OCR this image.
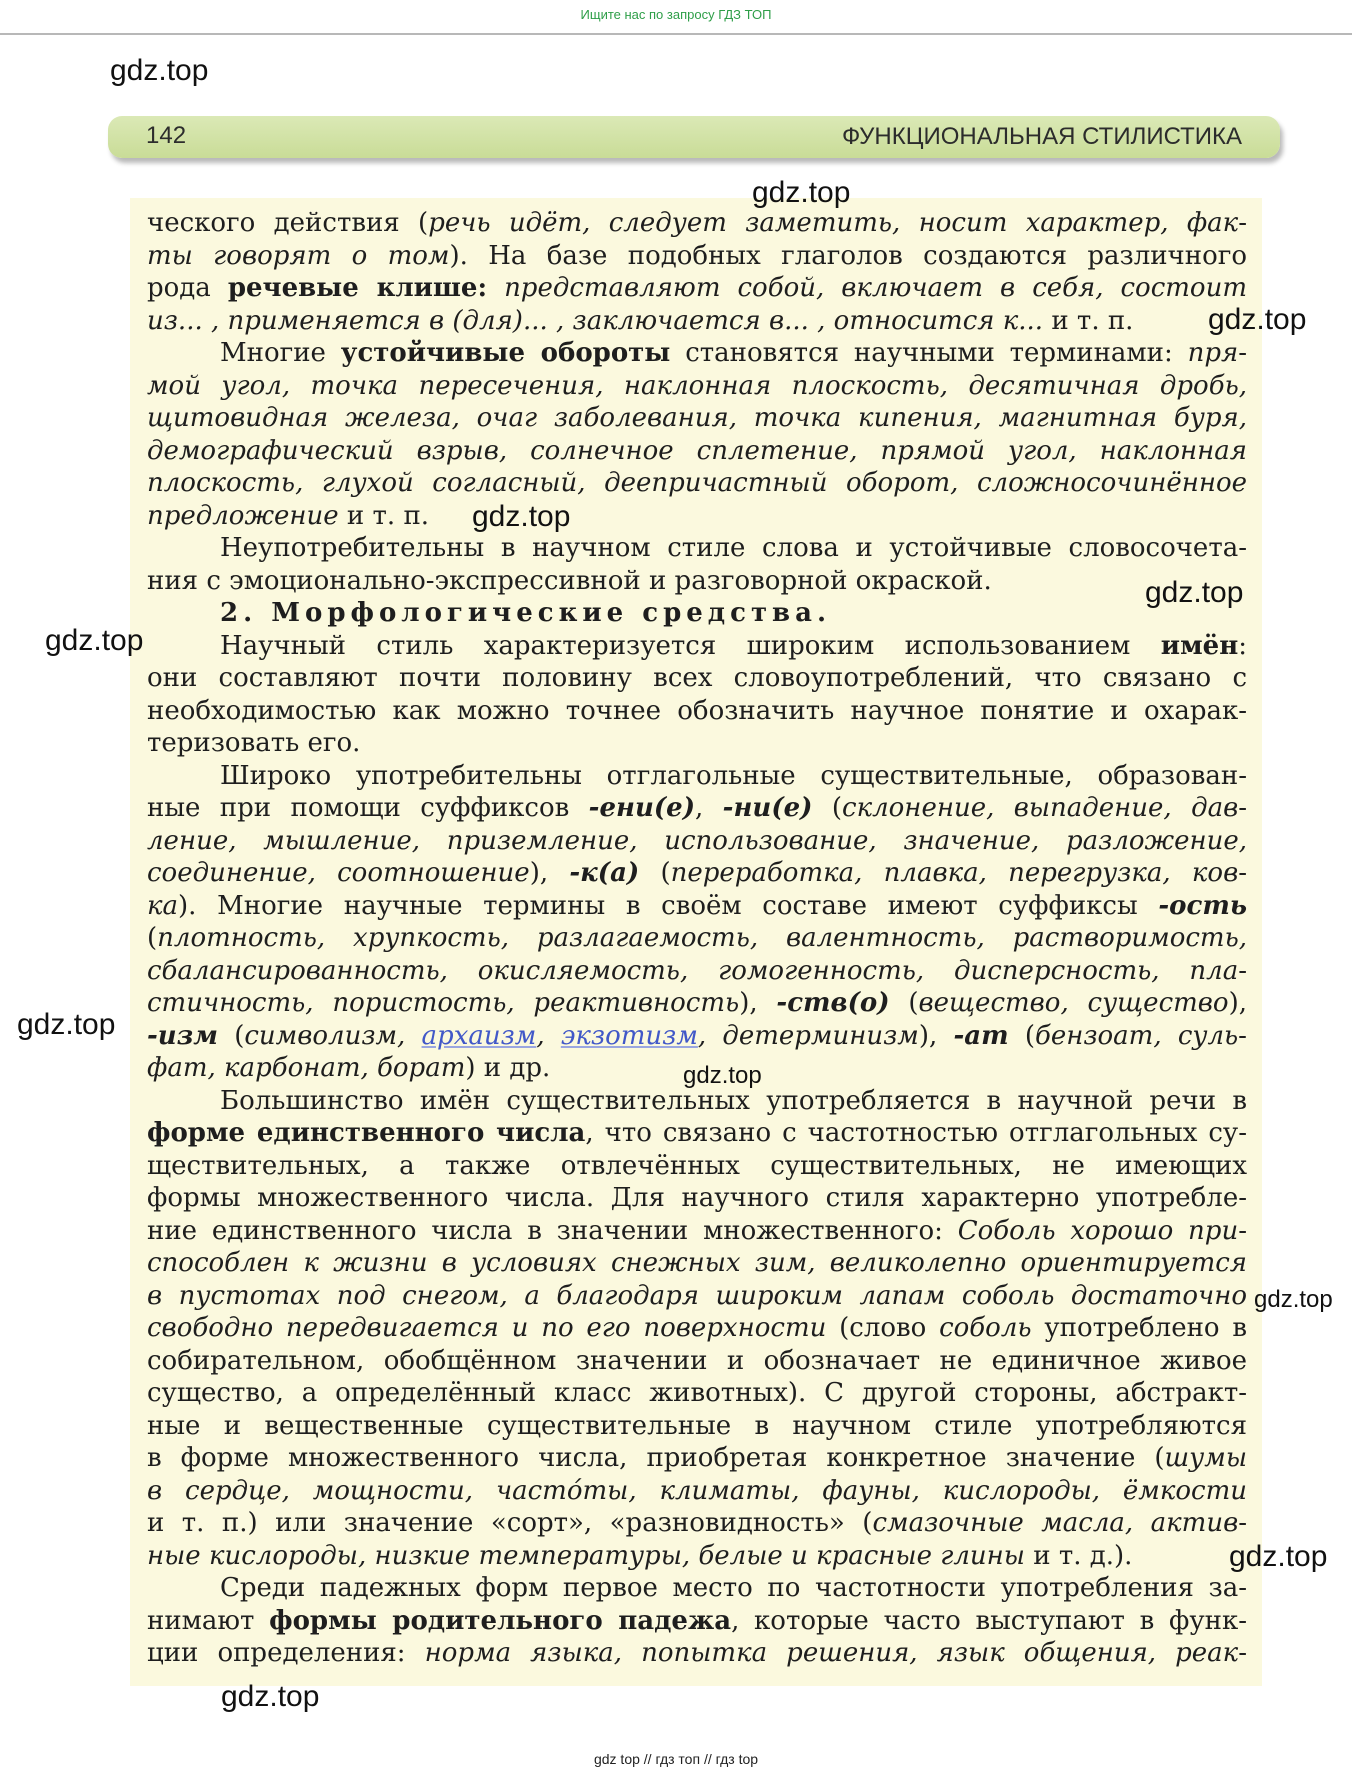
Ищите нас по запросу ГДЗ ТОП
gdz.top
142	ФУНКЦИОНАЛЬНАЯ СТИЛИСТИКА

ческого действия (речь идёт, следует заметить, носит характер, фак-

ты говорят о том). На базе подобных глаголов создаются различного

рода речевые клише: представляют собой, включает в себя, состоит

из... , применяется в (для)... , заключается в... , относится к... и т. п.

Многие устойчивые обороты становятся научными терминами: пря-

мой угол, точка пересечения, наклонная плоскость, десятичная дробь,

щитовидная железа, очаг заболевания, точка кипения, магнитная буря,

демографический взрыв, солнечное сплетение, прямой угол, наклонная

плоскость, глухой согласный, деепричастный оборот, сложносочинённое

предложение и т. п.

Неупотребительны в научном стиле слова и устойчивые словосочета-

ния с эмоционально-экспрессивной и разговорной окраской.

2. Морфологические средства.

Научный стиль характеризуется широким использованием имён:

они составляют почти половину всех словоупотреблений, что связано с

необходимостью как можно точнее обозначить научное понятие и охарак-

теризовать его.

Широко употребительны отглагольные существительные, образован-

ные при помощи суффиксов -ени(е), -ни(е) (склонение, выпадение, дав-

ление, мышление, приземление, использование, значение, разложение,

соединение, соотношение), -к(а) (переработка, плавка, перегрузка, ков-

ка). Многие научные термины в своём составе имеют суффиксы -ость

(плотность, хрупкость, разлагаемость, валентность, растворимость,

сбалансированность, окисляемость, гомогенность, дисперсность, пла-

стичность, пористость, реактивность), -ств(о) (вещество, существо),

-изм (символизм, архаизм, экзотизм, детерминизм), -ат (бензоат, суль-

фат, карбонат, борат) и др.

Большинство имён существительных употребляется в научной речи в

форме единственного числа, что связано с частотностью отглагольных су-

ществительных, а также отвлечённых существительных, не имеющих

формы множественного числа. Для научного стиля характерно употребле-

ние единственного числа в значении множественного: Соболь хорошо при-

способлен к жизни в условиях снежных зим, великолепно ориентируется

в пустотах под снегом, а благодаря широким лапам соболь достаточно

свободно передвигается и по его поверхности (слово соболь употреблено в

собирательном, обобщённом значении и обозначает не единичное живое

существо, а определённый класс животных). С другой стороны, абстракт-

ные и вещественные существительные в научном стиле употребляются

в форме множественного числа, приобретая конкретное значение (шумы

в сердце, мощности, частóты, климаты, фауны, кислороды, ёмкости

и т. п.) или значение «сорт», «разновидность» (смазочные масла, актив-

ные кислороды, низкие температуры, белые и красные глины и т. д.).

Среди падежных форм первое место по частотности употребления за-

нимают формы родительного падежа, которые часто выступают в функ-

ции определения: норма языка, попытка решения, язык общения, реак-

gdz.top
gdz.top
gdz.top
gdz.top
gdz.top
gdz.top
gdz.top
gdz.top
gdz.top
gdz.top
gdz top // гдз топ // гдз top
